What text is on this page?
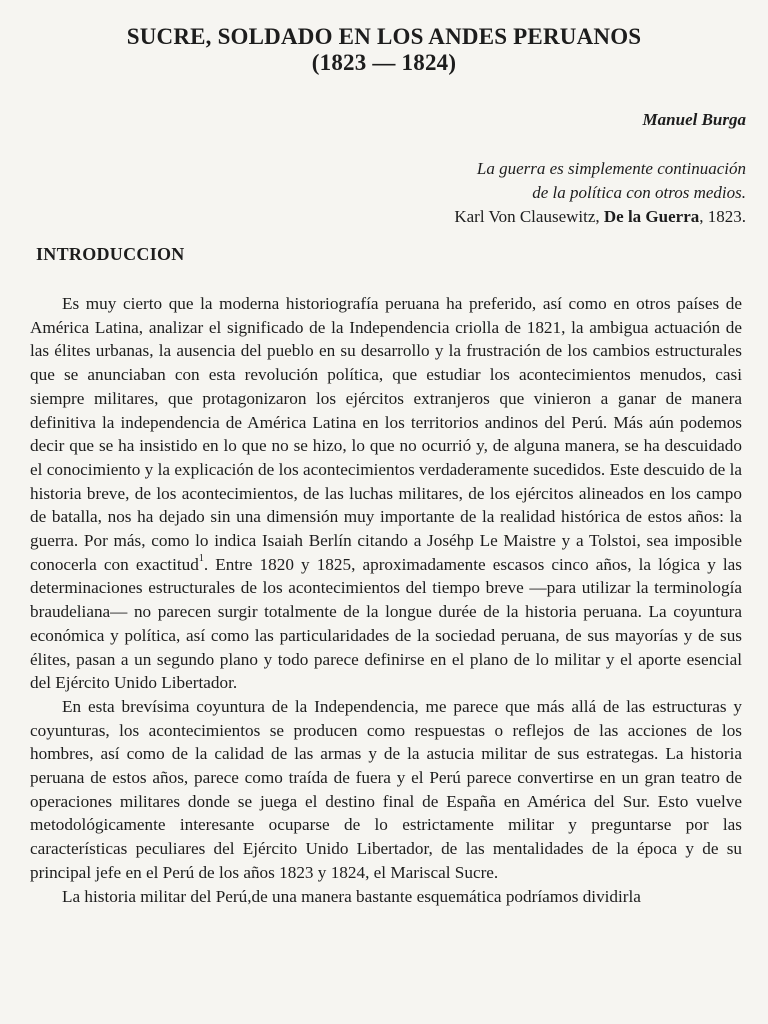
SUCRE, SOLDADO EN LOS ANDES PERUANOS
(1823 — 1824)
Manuel Burga
La guerra es simplemente continuación
de la política con otros medios.
Karl Von Clausewitz, De la Guerra, 1823.
INTRODUCCION

Es muy cierto que la moderna historiografía peruana ha preferido, así como en otros países de América Latina, analizar el significado de la Independencia criolla de 1821, la ambigua actuación de las élites urbanas, la ausencia del pueblo en su desarrollo y la frustración de los cambios estructurales que se anunciaban con esta revolución política, que estudiar los acontecimientos menudos, casi siempre militares, que protagonizaron los ejércitos extranjeros que vinieron a ganar de manera definitiva la independencia de América Latina en los territorios andinos del Perú. Más aún podemos decir que se ha insistido en lo que no se hizo, lo que no ocurrió y, de alguna manera, se ha descuidado el conocimiento y la explicación de los acontecimientos verdaderamente sucedidos. Este descuido de la historia breve, de los acontecimientos, de las luchas militares, de los ejércitos alineados en los campo de batalla, nos ha dejado sin una dimensión muy importante de la realidad histórica de estos años: la guerra. Por más, como lo indica Isaiah Berlín citando a Joséhp Le Maistre y a Tolstoi, sea imposible conocerla con exactitud$^1$. Entre 1820 y 1825, aproximadamente escasos cinco años, la lógica y las determinaciones estructurales de los acontecimientos del tiempo breve —para utilizar la terminología braudeliana— no parecen surgir totalmente de la longue durée de la historia peruana. La coyuntura económica y política, así como las particularidades de la sociedad peruana, de sus mayorías y de sus élites, pasan a un segundo plano y todo parece definirse en el plano de lo militar y el aporte esencial del Ejército Unido Libertador.

En esta brevísima coyuntura de la Independencia, me parece que más allá de las estructuras y coyunturas, los acontecimientos se producen como respuestas o reflejos de las acciones de los hombres, así como de la calidad de las armas y de la astucia militar de sus estrategas. La historia peruana de estos años, parece como traída de fuera y el Perú parece convertirse en un gran teatro de operaciones militares donde se juega el destino final de España en América del Sur. Esto vuelve metodológicamente interesante ocuparse de lo estrictamente militar y preguntarse por las características peculiares del Ejército Unido Libertador, de las mentalidades de la época y de su principal jefe en el Perú de los años 1823 y 1824, el Mariscal Sucre.

La historia militar del Perú,de una manera bastante esquemática podríamos dividirla
